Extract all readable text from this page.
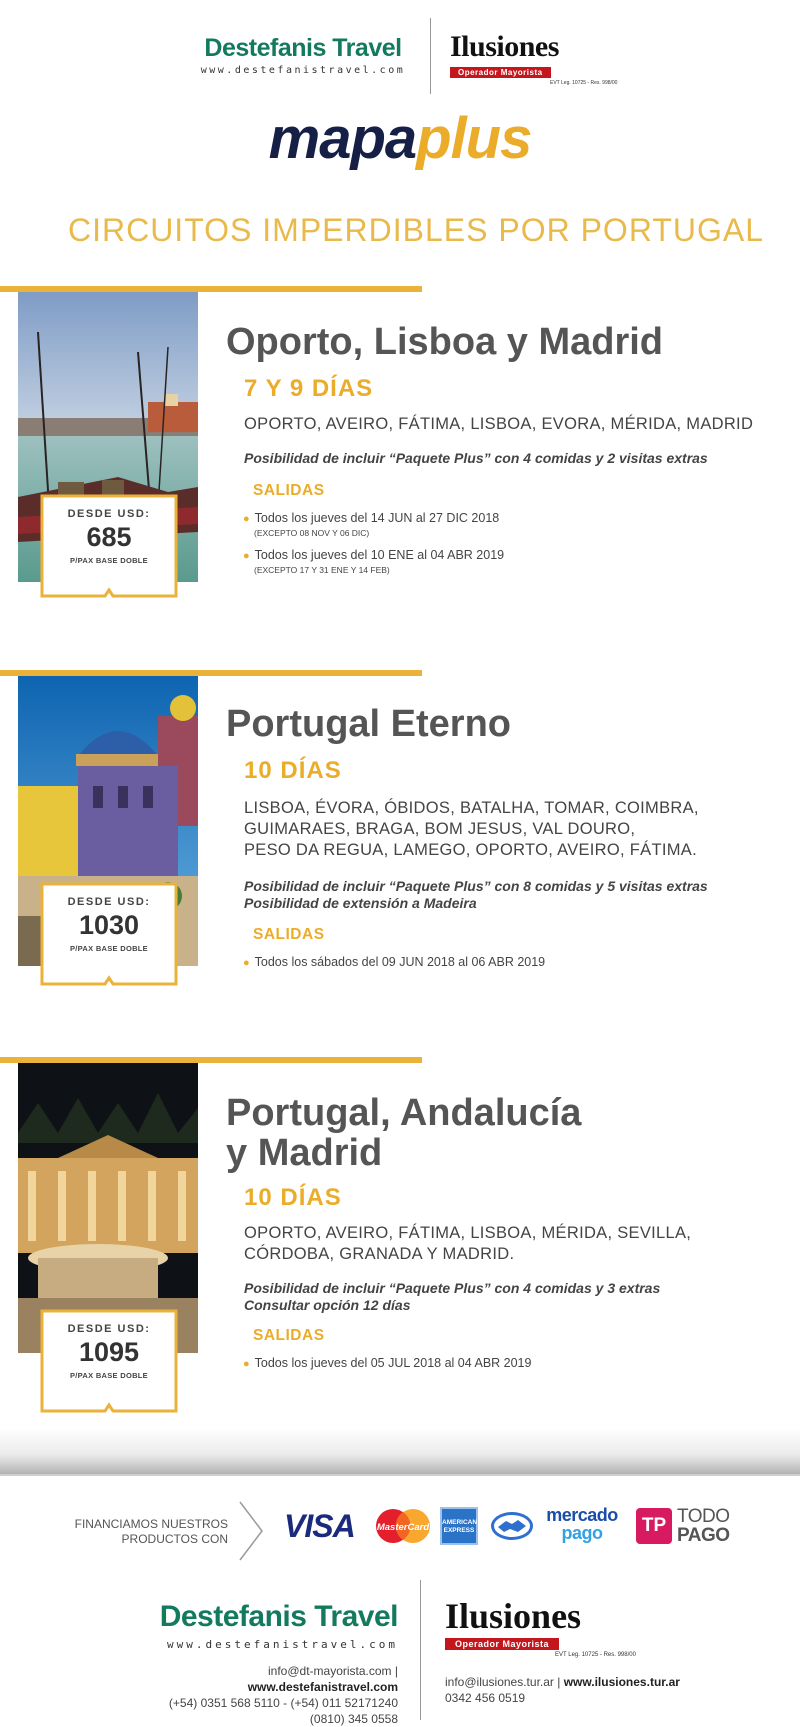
Destefanis Travel
www.destefanistravel.com
Ilusiones
Operador Mayorista
EVT Leg. 10725 - Res. 998/00
mapaplus
CIRCUITOS IMPERDIBLES POR PORTUGAL
DESDE USD:
685
P/PAX BASE DOBLE
Oporto, Lisboa y Madrid
7 Y 9 DÍAS
OPORTO, AVEIRO, FÁTIMA, LISBOA, EVORA, MÉRIDA, MADRID
Posibilidad de incluir “Paquete Plus” con 4 comidas y 2 visitas extras
SALIDAS
● Todos los jueves del 14 JUN al 27 DIC 2018
(EXCEPTO 08 NOV Y 06 DIC)
● Todos los jueves del 10 ENE al 04 ABR 2019
(EXCEPTO 17 Y 31 ENE Y 14 FEB)
DESDE USD:
1030
P/PAX BASE DOBLE
Portugal Eterno
10 DÍAS
LISBOA, ÉVORA, ÓBIDOS, BATALHA, TOMAR, COIMBRA,
GUIMARAES, BRAGA, BOM JESUS, VAL DOURO,
PESO DA REGUA, LAMEGO, OPORTO, AVEIRO, FÁTIMA.
Posibilidad de incluir “Paquete Plus” con 8 comidas y 5 visitas extras
Posibilidad de extensión a Madeira
SALIDAS
● Todos los sábados del 09 JUN 2018 al 06 ABR 2019
DESDE USD:
1095
P/PAX BASE DOBLE
Portugal, Andalucía
y Madrid
10 DÍAS
OPORTO, AVEIRO, FÁTIMA, LISBOA, MÉRIDA, SEVILLA,
CÓRDOBA, GRANADA Y MADRID.
Posibilidad de incluir “Paquete Plus” con 4 comidas y 3 extras
Consultar opción 12 días
SALIDAS
● Todos los jueves del 05 JUL 2018 al 04 ABR 2019
FINANCIAMOS NUESTROS
PRODUCTOS CON VISA	MasterCard AMERICAN
EXPRESS
mercado
pago	TP TODO
PAGO
Destefanis Travel
www.destefanistravel.com
info@dt-mayorista.com | www.destefanistravel.com
(+54) 0351 568 5110 - (+54) 011 52171240
(0810) 345 0558
Ilusiones
Operador Mayorista
EVT Leg. 10725 - Res. 998/00
info@ilusiones.tur.ar | www.ilusiones.tur.ar
0342 456 0519
